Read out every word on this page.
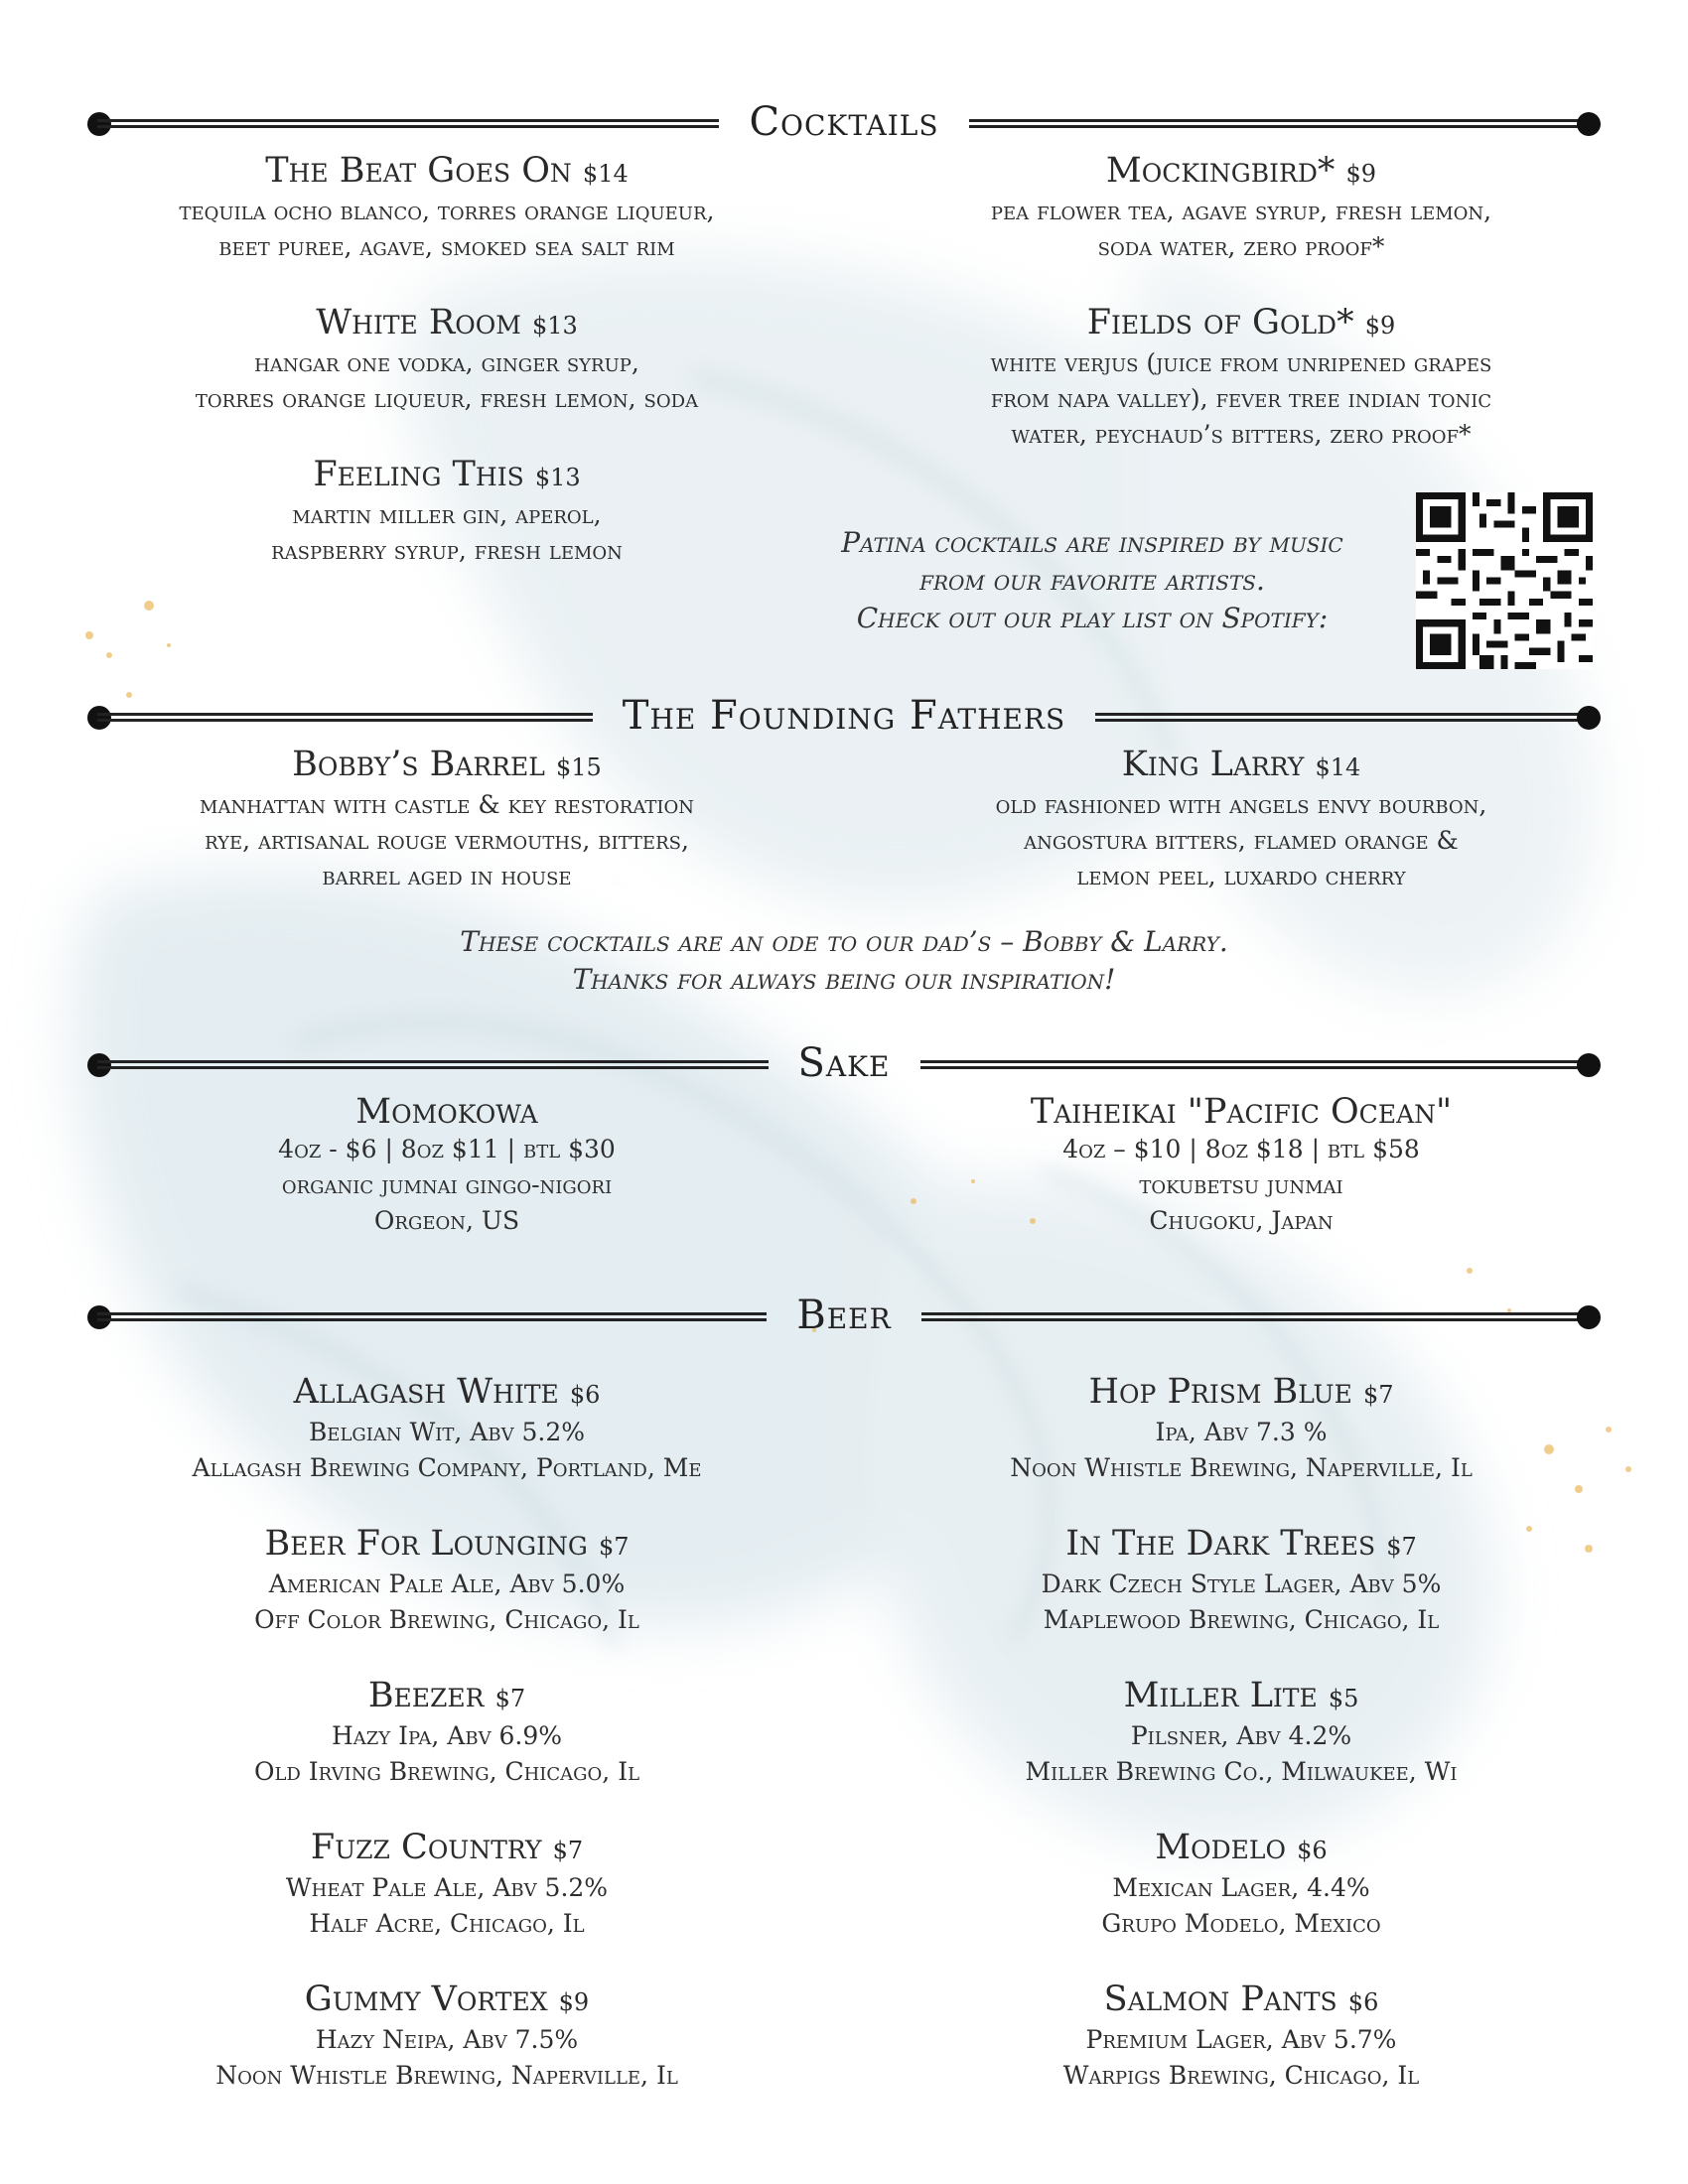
Cocktails
The Beat Goes On $14
tequila ocho blanco, torres orange liqueur,
beet puree, agave, smoked sea salt rim
White Room $13
hangar one vodka, ginger syrup,
torres orange liqueur, fresh lemon, soda
Feeling This $13
martin miller gin, aperol,
raspberry syrup, fresh lemon
Mockingbird* $9
pea flower tea, agave syrup, fresh lemon,
soda water, zero proof*
Fields of Gold* $9
white verjus (juice from unripened grapes
from napa valley), fever tree indian tonic
water, peychaud’s bitters, zero proof*
Patina cocktails are inspired by music
from our favorite artists.
Check out our play list on Spotify:
The Founding Fathers
Bobby’s Barrel $15
manhattan with castle & key restoration
rye, artisanal rouge vermouths, bitters,
barrel aged in house
King Larry $14
old fashioned with angels envy bourbon,
angostura bitters, flamed orange &
lemon peel, luxardo cherry
These cocktails are an ode to our dad’s – Bobby & Larry.
Thanks for always being our inspiration!
Sake
Momokowa
4oz - $6 | 8oz $11 | btl $30
organic jumnai gingo-nigori
Orgeon, US
Taiheikai "Pacific Ocean"
4oz – $10 | 8oz $18 | btl $58
tokubetsu junmai
Chugoku, Japan
Beer
Allagash White $6
Belgian Wit, Abv 5.2%
Allagash Brewing Company, Portland, Me
Beer For Lounging $7
American Pale Ale, Abv 5.0%
Off Color Brewing, Chicago, Il
Beezer $7
Hazy Ipa, Abv 6.9%
Old Irving Brewing, Chicago, Il
Fuzz Country $7
Wheat Pale Ale, Abv 5.2%
Half Acre, Chicago, Il
Gummy Vortex $9
Hazy Neipa, Abv 7.5%
Noon Whistle Brewing, Naperville, Il
Hop Prism Blue $7
Ipa, Abv 7.3 %
Noon Whistle Brewing, Naperville, Il
In The Dark Trees $7
Dark Czech Style Lager, Abv 5%
Maplewood Brewing, Chicago, Il
Miller Lite $5
Pilsner, Abv 4.2%
Miller Brewing Co., Milwaukee, Wi
Modelo $6
Mexican Lager, 4.4%
Grupo Modelo, Mexico
Salmon Pants $6
Premium Lager, Abv 5.7%
Warpigs Brewing, Chicago, Il
